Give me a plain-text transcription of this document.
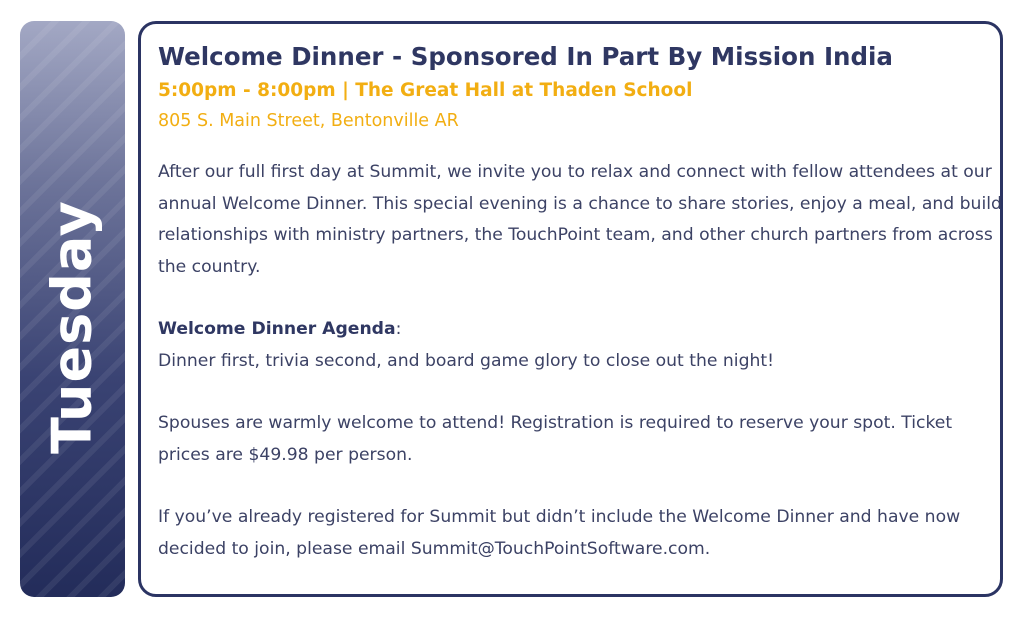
Tuesday
Welcome Dinner - Sponsored In Part By Mission India
5:00pm - 8:00pm | The Great Hall at Thaden School
805 S. Main Street, Bentonville AR

After our full first day at Summit, we invite you to relax and connect with fellow attendees at our annual Welcome Dinner. This special evening is a chance to share stories, enjoy a meal, and build relationships with ministry partners, the TouchPoint team, and other church partners from across the country.

Welcome Dinner Agenda:
Dinner first, trivia second, and board game glory to close out the night!

Spouses are warmly welcome to attend! Registration is required to reserve your spot. Ticket prices are $49.98 per person.

If you’ve already registered for Summit but didn’t include the Welcome Dinner and have now decided to join, please email Summit@TouchPointSoftware.com.
